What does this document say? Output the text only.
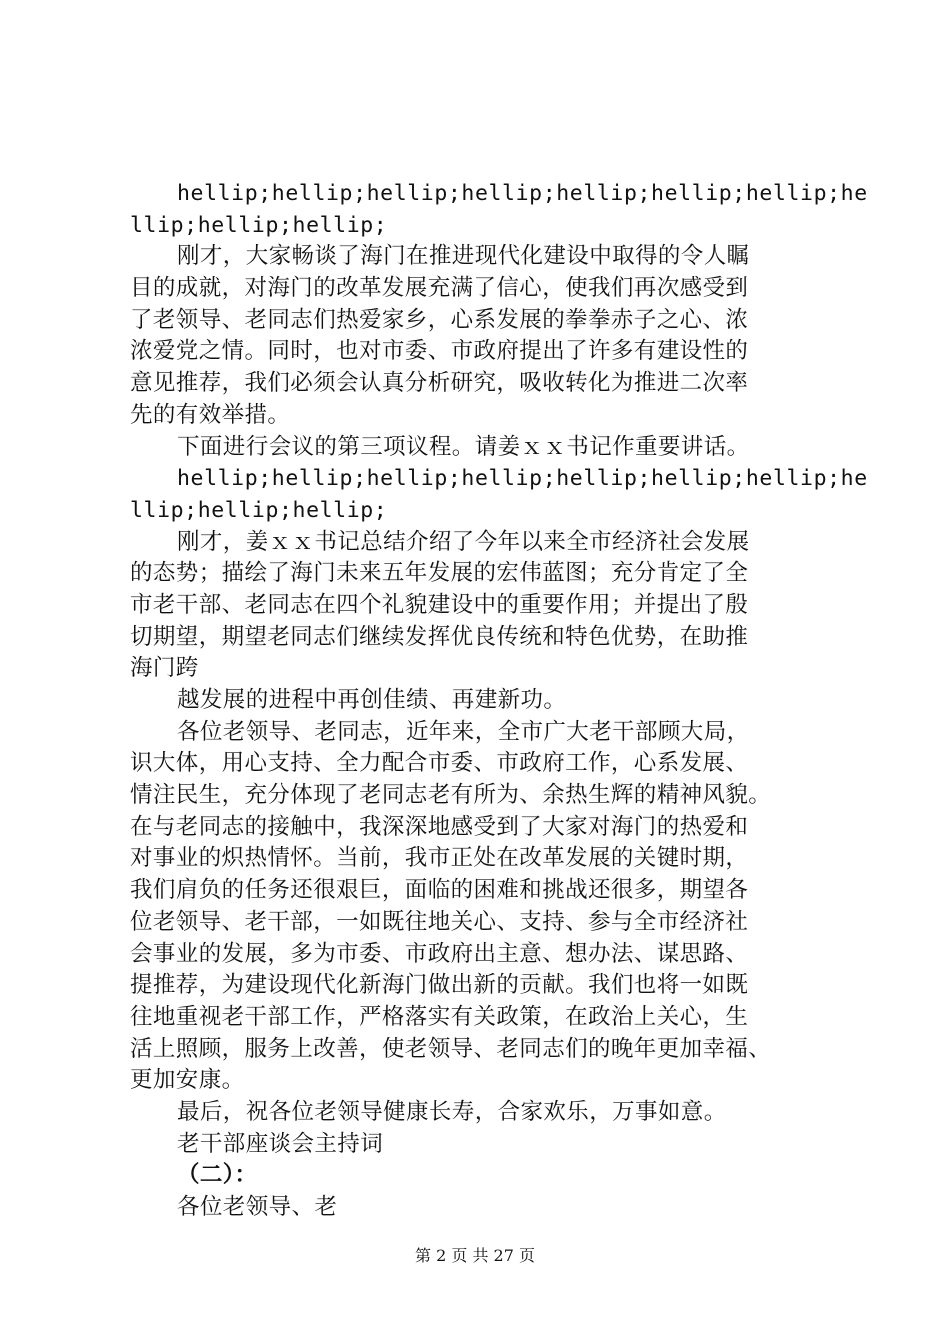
hellip;hellip;hellip;hellip;hellip;hellip;hellip;he
llip;hellip;hellip;
刚才，大家畅谈了海门在推进现代化建设中取得的令人瞩
目的成就，对海门的改革发展充满了信心，使我们再次感受到
了老领导、老同志们热爱家乡，心系发展的拳拳赤子之心、浓
浓爱党之情。同时，也对市委、市政府提出了许多有建设性的
意见推荐，我们必须会认真分析研究，吸收转化为推进二次率
先的有效举措。
下面进行会议的第三项议程。请姜ｘｘ书记作重要讲话。
hellip;hellip;hellip;hellip;hellip;hellip;hellip;he
llip;hellip;hellip;
刚才，姜ｘｘ书记总结介绍了今年以来全市经济社会发展
的态势；描绘了海门未来五年发展的宏伟蓝图；充分肯定了全
市老干部、老同志在四个礼貌建设中的重要作用；并提出了殷
切期望，期望老同志们继续发挥优良传统和特色优势，在助推
海门跨
越发展的进程中再创佳绩、再建新功。
各位老领导、老同志，近年来，全市广大老干部顾大局，
识大体，用心支持、全力配合市委、市政府工作，心系发展、
情注民生，充分体现了老同志老有所为、余热生辉的精神风貌。
在与老同志的接触中，我深深地感受到了大家对海门的热爱和
对事业的炽热情怀。当前，我市正处在改革发展的关键时期，
我们肩负的任务还很艰巨，面临的困难和挑战还很多，期望各
位老领导、老干部，一如既往地关心、支持、参与全市经济社
会事业的发展，多为市委、市政府出主意、想办法、谋思路、
提推荐，为建设现代化新海门做出新的贡献。我们也将一如既
往地重视老干部工作，严格落实有关政策，在政治上关心，生
活上照顾，服务上改善，使老领导、老同志们的晚年更加幸福、
更加安康。
最后，祝各位老领导健康长寿，合家欢乐，万事如意。
老干部座谈会主持词
（二）：
各位老领导、老
第 2 页 共 27 页
